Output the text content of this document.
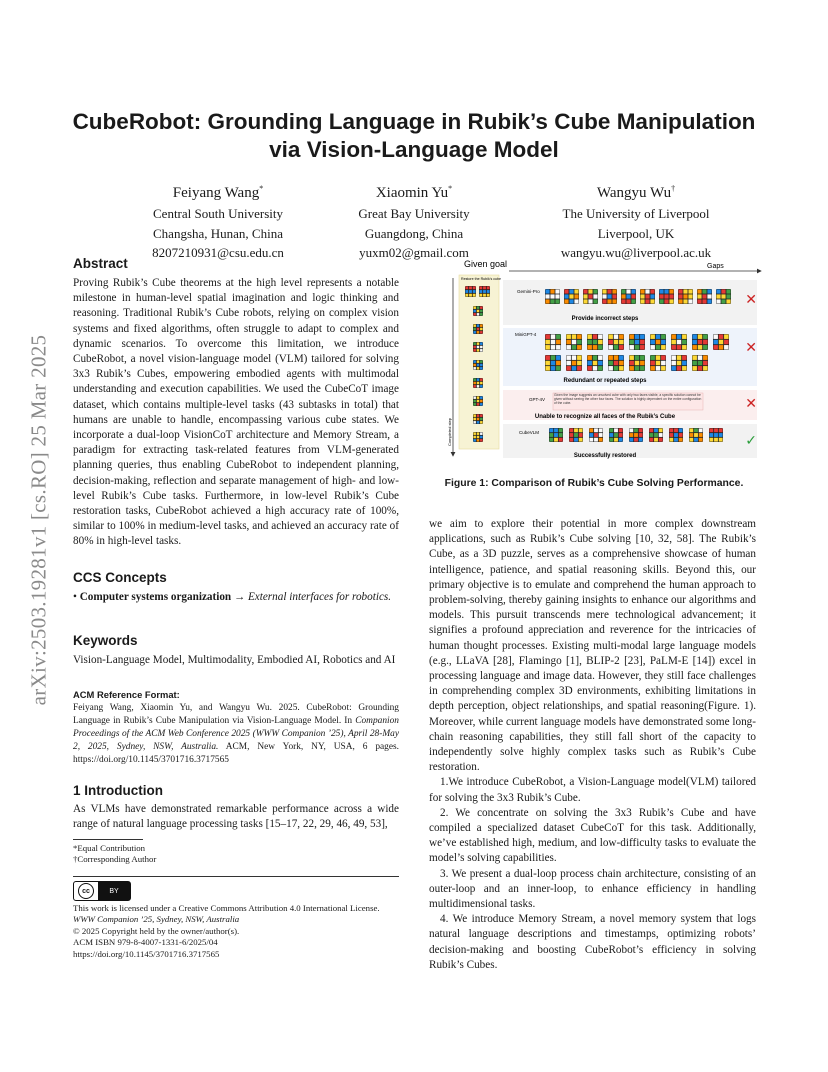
arXiv:2503.19281v1 [cs.RO] 25 Mar 2025
CubeRobot: Grounding Language in Rubik’s Cube Manipulation
via Vision-Language Model
Feiyang Wang*
Central South University
Changsha, Hunan, China
8207210931@csu.edu.cn
Xiaomin Yu*
Great Bay University
Guangdong, China
yuxm02@gmail.com
Wangyu Wu†
The University of Liverpool
Liverpool, UK
wangyu.wu@liverpool.ac.uk
Abstract
Proving Rubik’s Cube theorems at the high level represents a notable milestone in human-level spatial imagination and logic thinking and reasoning. Traditional Rubik’s Cube robots, relying on complex vision systems and fixed algorithms, often struggle to adapt to complex and dynamic scenarios. To overcome this limitation, we introduce CubeRobot, a novel vision-language model (VLM) tailored for solving 3x3 Rubik’s Cubes, empowering embodied agents with multimodal understanding and execution capabilities. We used the CubeCoT image dataset, which contains multiple-level tasks (43 subtasks in total) that humans are unable to handle, encompassing various cube states. We incorporate a dual-loop VisionCoT architecture and Memory Stream, a paradigm for extracting task-related features from VLM-generated planning queries, thus enabling CubeRobot to independent planning, decision-making, reflection and separate management of high- and low-level Rubik’s Cube tasks. Furthermore, in low-level Rubik’s Cube restoration tasks, CubeRobot achieved a high accuracy rate of 100%, similar to 100% in medium-level tasks, and achieved an accuracy rate of 80% in high-level tasks.
CCS Concepts
• Computer systems organization → External interfaces for robotics.
Keywords
Vision-Language Model, Multimodality, Embodied AI, Robotics and AI
ACM Reference Format:
Feiyang Wang, Xiaomin Yu, and Wangyu Wu. 2025. CubeRobot: Grounding Language in Rubik’s Cube Manipulation via Vision-Language Model. In Companion Proceedings of the ACM Web Conference 2025 (WWW Companion ’25), April 28-May 2, 2025, Sydney, NSW, Australia. ACM, New York, NY, USA, 6 pages. https://doi.org/10.1145/3701716.3717565
1 Introduction
As VLMs have demonstrated remarkable performance across a wide range of natural language processing tasks [15–17, 22, 29, 46, 49, 53],
*Equal Contribution
†Corresponding Author
cc	BY
This work is licensed under a Creative Commons Attribution 4.0 International License.
WWW Companion ’25, Sydney, NSW, Australia
© 2025 Copyright held by the owner/author(s).
ACM ISBN 979-8-4007-1331-6/2025/04
https://doi.org/10.1145/3701716.3717565
Given goal	Gaps
Completed step
Restore the Rubik's cube
Gemini-Pro
Provide incorrect steps
✕
MiniGPT-4
Redundant or repeated steps
✕
GPT-4V
Given the image suggests an unsolved cube with only two faces visible, a specific solution cannot be given without seeing the other four faces. The solution is highly dependent on the entire configuration of the cube.
Unable to recognize all faces of the Rubik’s Cube
✕
CubeVLM
Successfully restored
✓
Figure 1: Comparison of Rubik’s Cube Solving Performance.

we aim to explore their potential in more complex downstream applications, such as Rubik’s Cube solving [10, 32, 58]. The Rubik’s Cube, as a 3D puzzle, serves as a comprehensive showcase of human intelligence, patience, and spatial reasoning skills. Beyond this, our primary objective is to emulate and comprehend the human approach to problem-solving, thereby gaining insights to enhance our algorithms and models. This pursuit transcends mere technological advancement; it signifies a profound appreciation and reverence for the intricacies of human thought processes. Existing multi-modal large language models (e.g., LLaVA [28], Flamingo [1], BLIP-2 [23], PaLM-E [14]) excel in processing language and image data. However, they still face challenges in comprehending complex 3D environments, exhibiting limitations in depth perception, object relationships, and spatial reasoning(Figure. 1). Moreover, while current language models have demonstrated some long-chain reasoning capabilities, they still fall short of the capacity to independently solve highly complex tasks such as Rubik’s Cube restoration.

1.We introduce CubeRobot, a Vision-Language model(VLM) tailored for solving the 3x3 Rubik’s Cube.

2. We concentrate on solving the 3x3 Rubik’s Cube and have compiled a specialized dataset CubeCoT for this task. Additionally, we’ve established high, medium, and low-difficulty tasks to evaluate the model’s solving capabilities.

3. We present a dual-loop process chain architecture, consisting of an outer-loop and an inner-loop, to enhance efficiency in handling multidimensional tasks.

4. We introduce Memory Stream, a novel memory system that logs natural language descriptions and timestamps, optimizing robots’ decision-making and boosting CubeRobot’s efficiency in solving Rubik’s Cubes.
